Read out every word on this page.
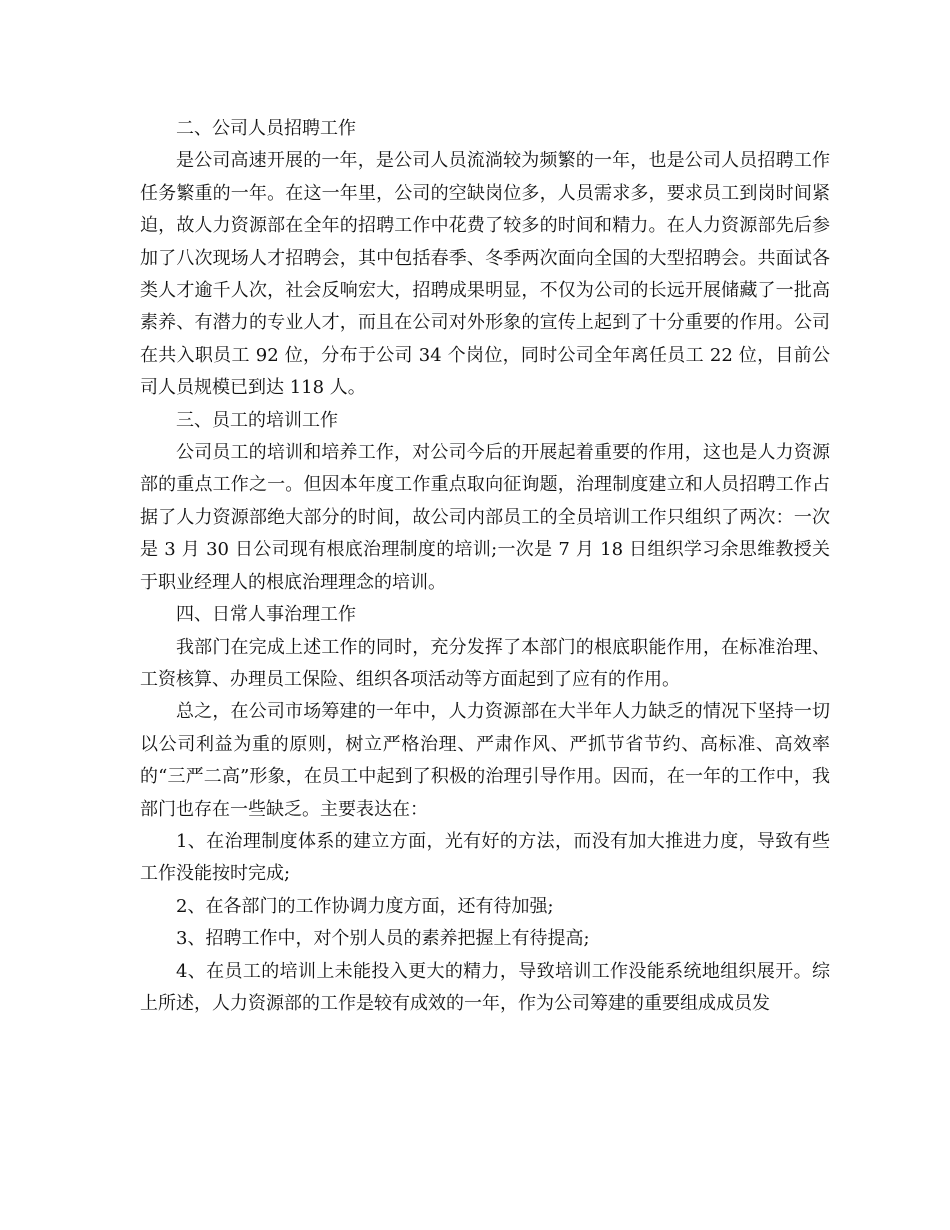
二、公司人员招聘工作

是公司高速开展的一年，是公司人员流淌较为频繁的一年，也是公司人员招聘工作任务繁重的一年。在这一年里，公司的空缺岗位多，人员需求多，要求员工到岗时间紧迫，故人力资源部在全年的招聘工作中花费了较多的时间和精力。在人力资源部先后参加了八次现场人才招聘会，其中包括春季、冬季两次面向全国的大型招聘会。共面试各类人才逾千人次，社会反响宏大，招聘成果明显，不仅为公司的长远开展储藏了一批高素养、有潜力的专业人才，而且在公司对外形象的宣传上起到了十分重要的作用。公司在共入职员工 92 位，分布于公司 34 个岗位，同时公司全年离任员工 22 位，目前公司人员规模已到达 118 人。

三、员工的培训工作

公司员工的培训和培养工作，对公司今后的开展起着重要的作用，这也是人力资源部的重点工作之一。但因本年度工作重点取向征询题，治理制度建立和人员招聘工作占据了人力资源部绝大部分的时间，故公司内部员工的全员培训工作只组织了两次：一次是 3 月 30 日公司现有根底治理制度的培训;一次是 7 月 18 日组织学习余思维教授关于职业经理人的根底治理理念的培训。

四、日常人事治理工作

我部门在完成上述工作的同时，充分发挥了本部门的根底职能作用，在标准治理、工资核算、办理员工保险、组织各项活动等方面起到了应有的作用。

总之，在公司市场筹建的一年中，人力资源部在大半年人力缺乏的情况下坚持一切以公司利益为重的原则，树立严格治理、严肃作风、严抓节省节约、高标准、高效率的“三严二高”形象，在员工中起到了积极的治理引导作用。因而，在一年的工作中，我部门也存在一些缺乏。主要表达在：

1、在治理制度体系的建立方面，光有好的方法，而没有加大推进力度，导致有些工作没能按时完成;

2、在各部门的工作协调力度方面，还有待加强;

3、招聘工作中，对个别人员的素养把握上有待提高;

4、在员工的培训上未能投入更大的精力，导致培训工作没能系统地组织展开。综上所述，人力资源部的工作是较有成效的一年，作为公司筹建的重要组成成员发
